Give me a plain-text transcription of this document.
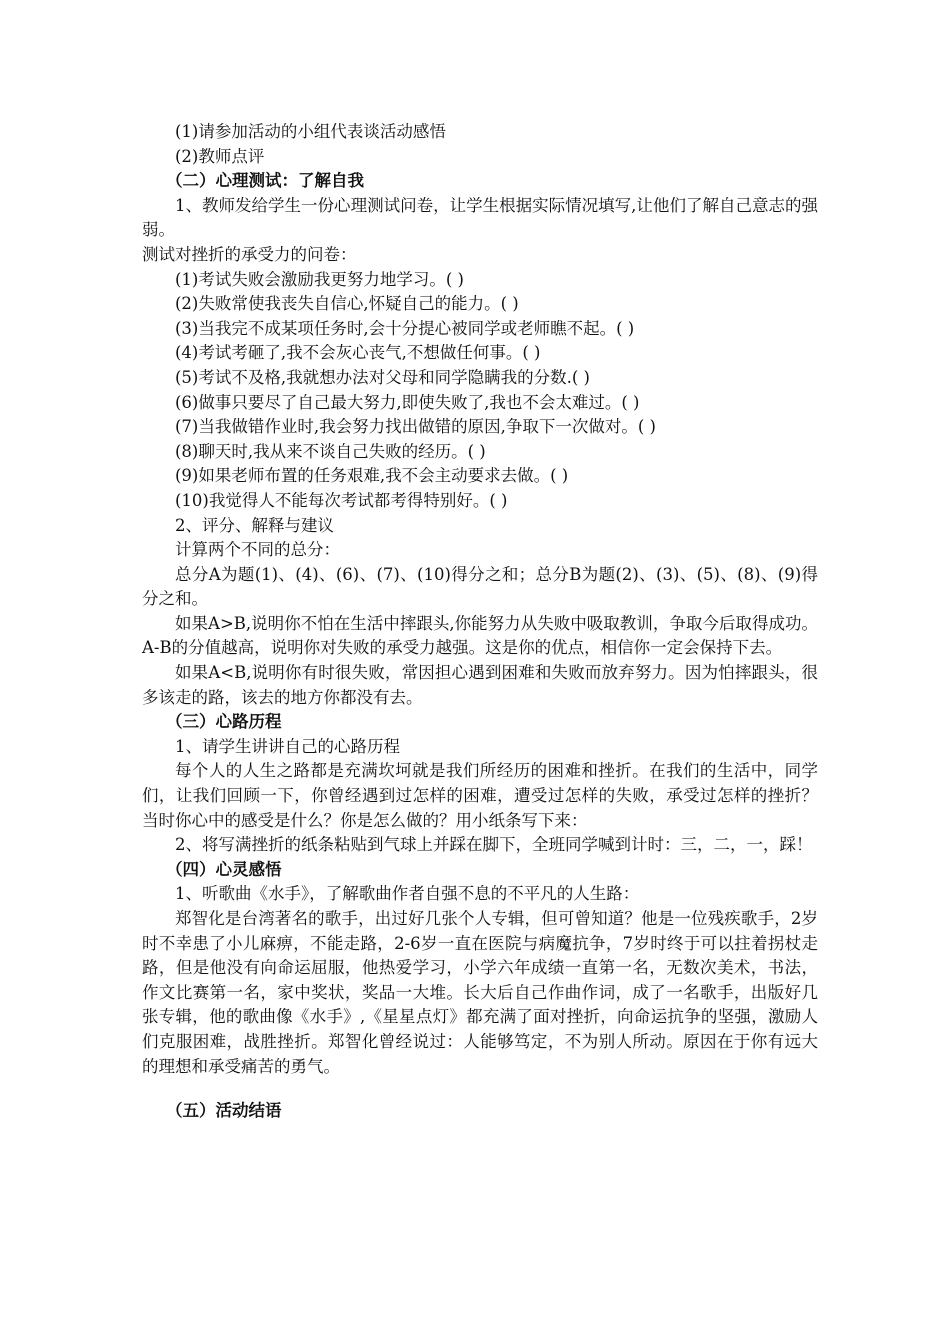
(1)请参加活动的小组代表谈活动感悟

(2)教师点评

（二）心理测试：了解自我

1、教师发给学生一份心理测试问卷，让学生根据实际情况填写,让他们了解自己意志的强弱。

测试对挫折的承受力的问卷：

(1)考试失败会激励我更努力地学习。( )

(2)失败常使我丧失自信心,怀疑自己的能力。( )

(3)当我完不成某项任务时,会十分提心被同学或老师瞧不起。( )

(4)考试考砸了,我不会灰心丧气,不想做任何事。( )

(5)考试不及格,我就想办法对父母和同学隐瞒我的分数.( )

(6)做事只要尽了自己最大努力,即使失败了,我也不会太难过。( )

(7)当我做错作业时,我会努力找出做错的原因,争取下一次做对。( )

(8)聊天时,我从来不谈自己失败的经历。( )

(9)如果老师布置的任务艰难,我不会主动要求去做。( )

(10)我觉得人不能每次考试都考得特别好。( )

2、评分、解释与建议

计算两个不同的总分：

总分A为题(1)、(4)、(6)、(7)、(10)得分之和；总分B为题(2)、(3)、(5)、(8)、(9)得分之和。

如果A>B,说明你不怕在生活中摔跟头,你能努力从失败中吸取教训，争取今后取得成功。A-B的分值越高，说明你对失败的承受力越强。这是你的优点，相信你一定会保持下去。

如果A<B,说明你有时很失败，常因担心遇到困难和失败而放弃努力。因为怕摔跟头，很多该走的路，该去的地方你都没有去。

（三）心路历程

1、请学生讲讲自己的心路历程

每个人的人生之路都是充满坎坷就是我们所经历的困难和挫折。在我们的生活中，同学们，让我们回顾一下，你曾经遇到过怎样的困难，遭受过怎样的失败，承受过怎样的挫折？当时你心中的感受是什么？你是怎么做的？用小纸条写下来：

2、将写满挫折的纸条粘贴到气球上并踩在脚下，全班同学喊到计时：三，二，一，踩！

（四）心灵感悟

1、听歌曲《水手》，了解歌曲作者自强不息的不平凡的人生路：

郑智化是台湾著名的歌手，出过好几张个人专辑，但可曾知道？他是一位残疾歌手，2岁时不幸患了小儿麻痹，不能走路，2-6岁一直在医院与病魔抗争，7岁时终于可以拄着拐杖走路，但是他没有向命运屈服，他热爱学习，小学六年成绩一直第一名，无数次美术，书法，作文比赛第一名，家中奖状，奖品一大堆。长大后自己作曲作词，成了一名歌手，出版好几张专辑，他的歌曲像《水手》,《星星点灯》都充满了面对挫折，向命运抗争的坚强，激励人们克服困难，战胜挫折。郑智化曾经说过：人能够笃定，不为别人所动。原因在于你有远大的理想和承受痛苦的勇气。

（五）活动结语
